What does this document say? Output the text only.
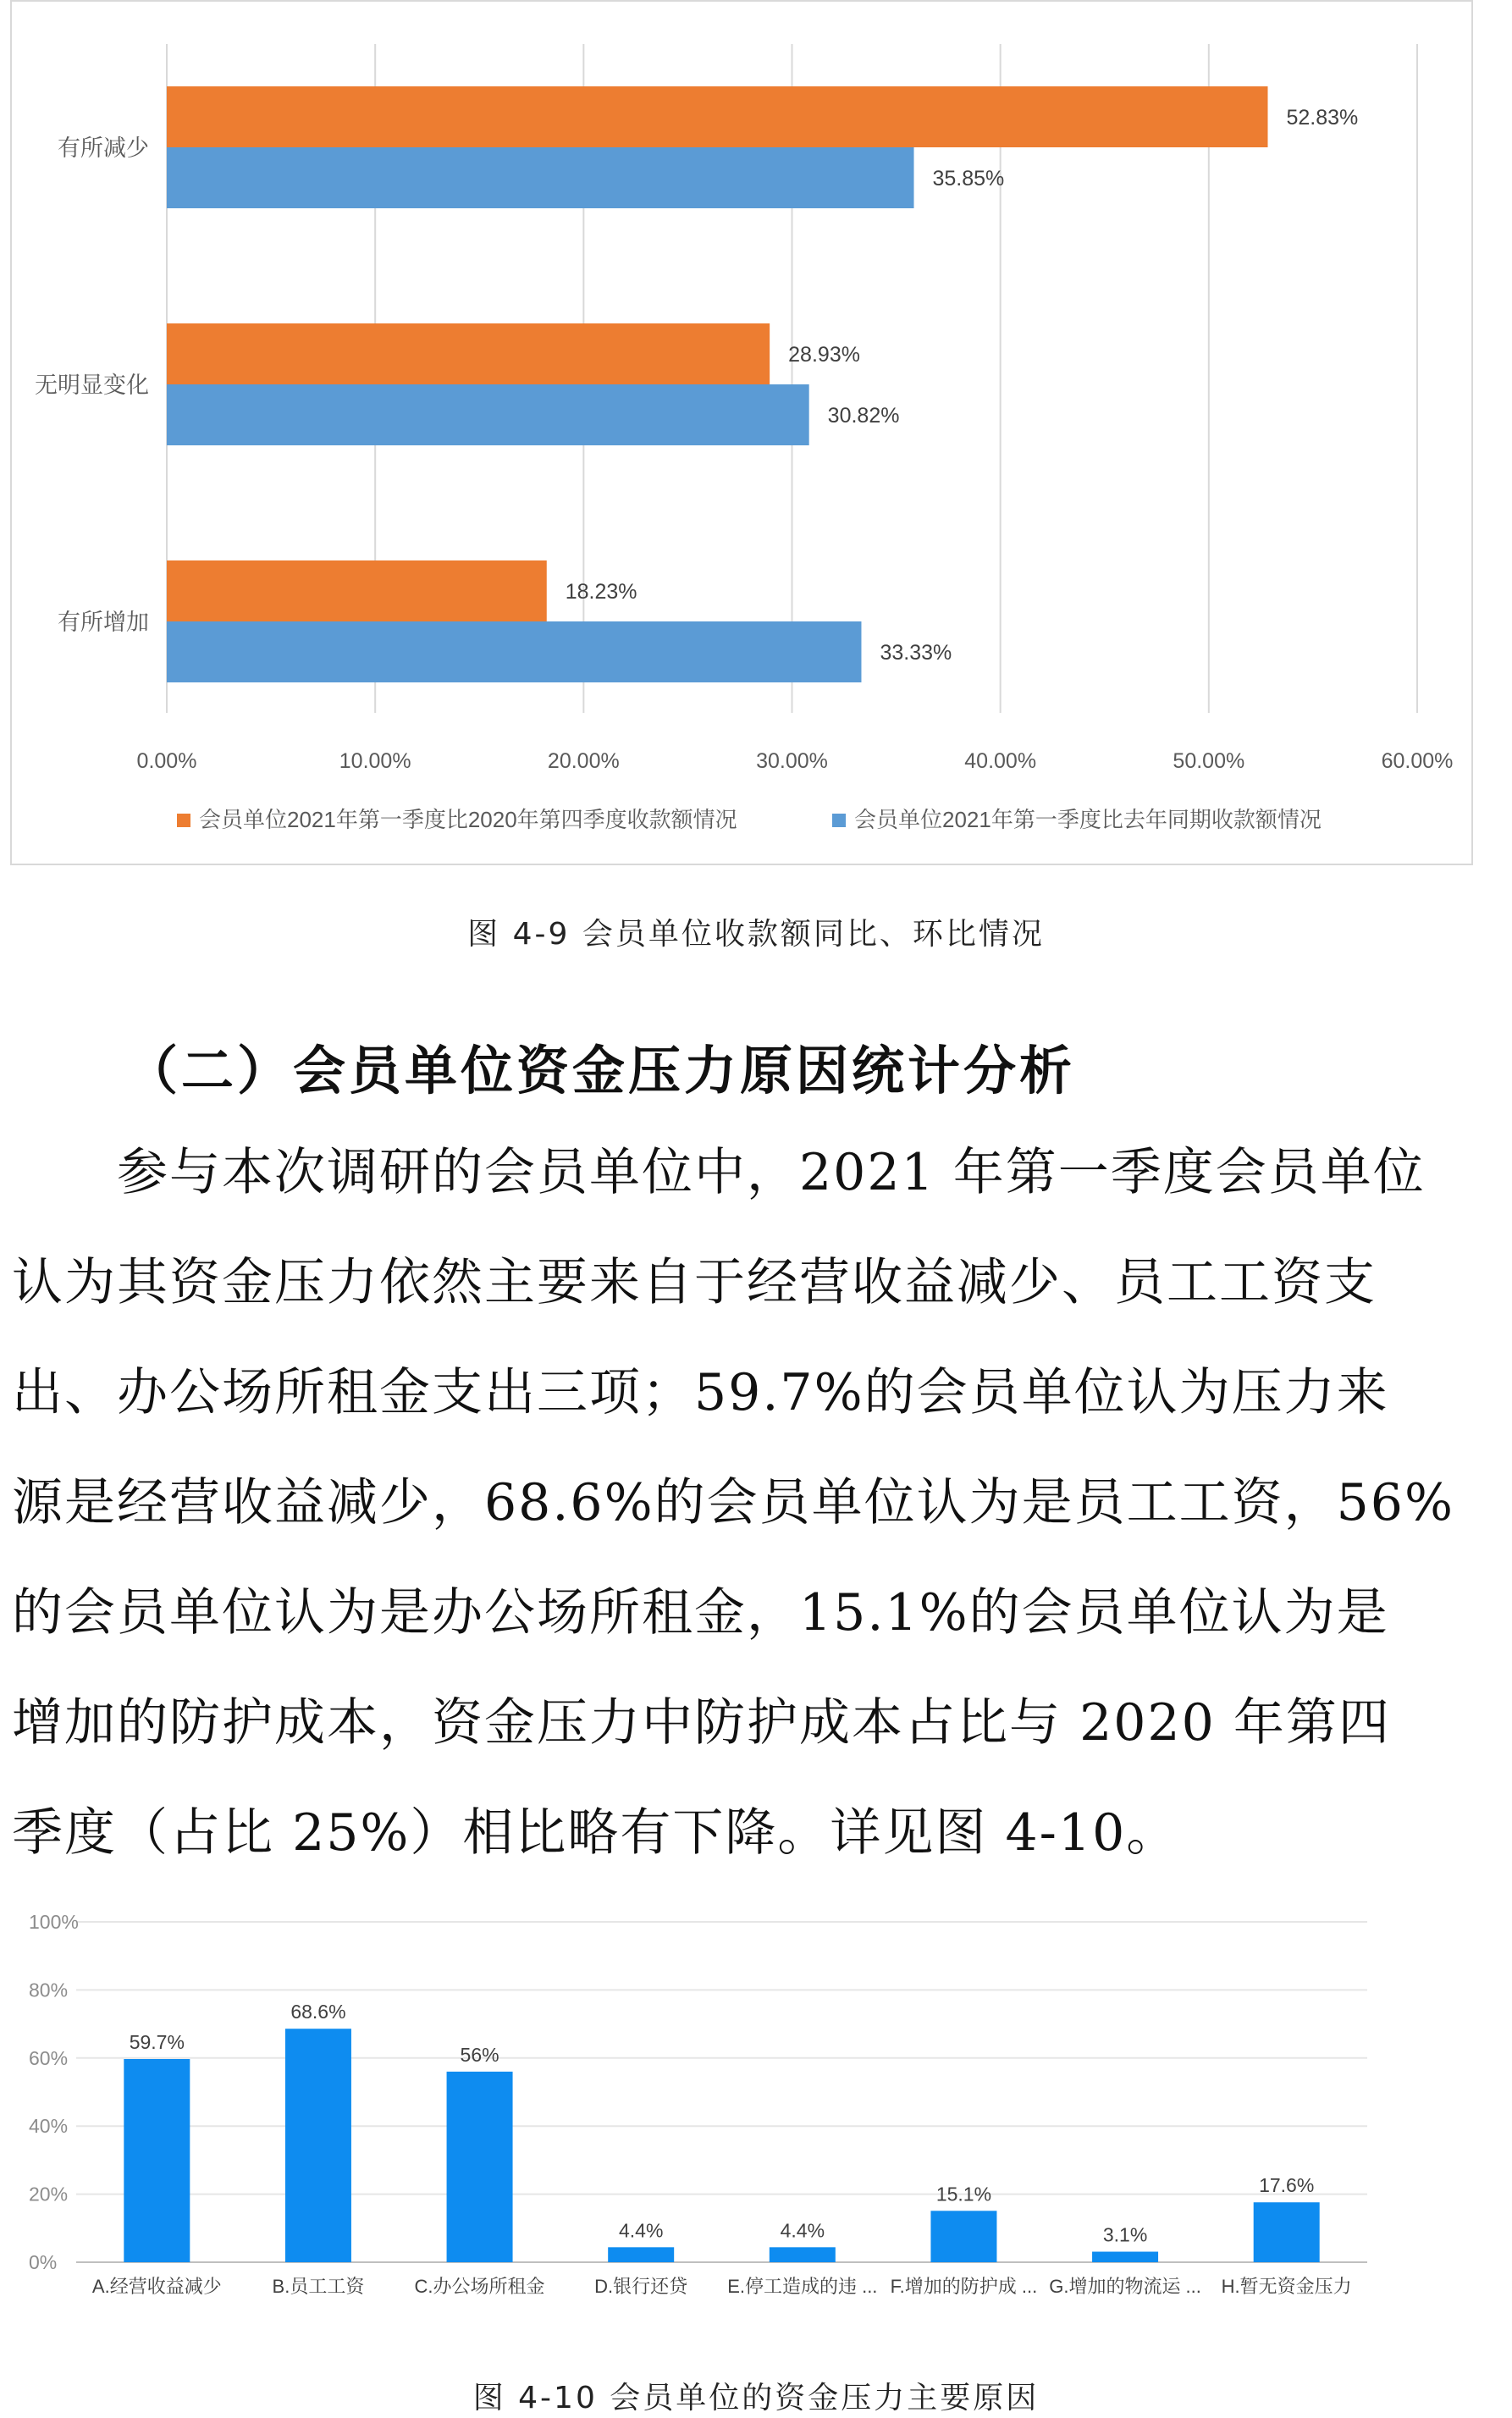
0.00%	10.00%	20.00%	30.00%	40.00%	50.00%	60.00%
有所减少
52.83%
35.85%
无明显变化
28.93%
30.82%
有所增加
18.23%
33.33%
会员单位2021年第一季度比2020年第四季度收款额情况	会员单位2021年第一季度比去年同期收款额情况
图 4-9 会员单位收款额同比、环比情况
（二）会员单位资金压力原因统计分析
　　参与本次调研的会员单位中，2021 年第一季度会员单位
认为其资金压力依然主要来自于经营收益减少、员工工资支
出、办公场所租金支出三项；59.7%的会员单位认为压力来
源是经营收益减少，68.6%的会员单位认为是员工工资，56%
的会员单位认为是办公场所租金，15.1%的会员单位认为是
增加的防护成本，资金压力中防护成本占比与 2020 年第四
季度（占比 25%）相比略有下降。详见图 4-10。
100%
80%
60%
40%
20%
0%
59.7%
A.经营收益减少
68.6%
B.员工工资
56%
C.办公场所租金
4.4%
D.银行还贷
4.4%
E.停工造成的违 ...
15.1%
F.增加的防护成 ...
3.1%
G.增加的物流运 ...
17.6%
H.暂无资金压力
图 4-10 会员单位的资金压力主要原因
